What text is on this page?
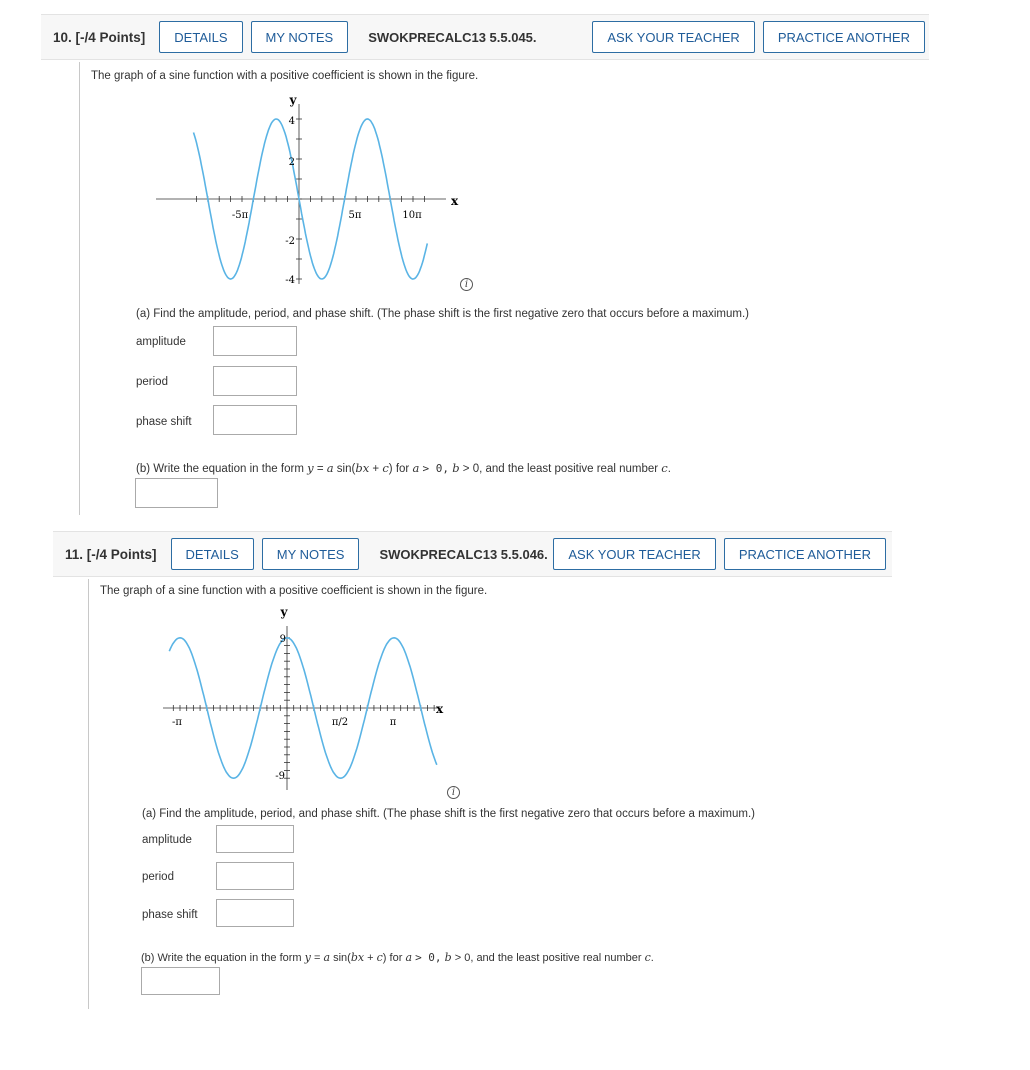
10. [-/4 Points]	DETAILS	MY NOTES	SWOKPRECALC13 5.5.045.	ASK YOUR TEACHER	PRACTICE ANOTHER
The graph of a sine function with a positive coefficient is shown in the figure.
y
x
-5π	5π	10π
4
2
-2
-4	i
(a) Find the amplitude, period, and phase shift. (The phase shift is the first negative zero that occurs before a maximum.)
amplitude
period
phase shift
(b) Write the equation in the form y = a sin(bx + c) for a > 0, b > 0, and the least positive real number c.
11. [-/4 Points]	DETAILS	MY NOTES	SWOKPRECALC13 5.5.046.	ASK YOUR TEACHER	PRACTICE ANOTHER
The graph of a sine function with a positive coefficient is shown in the figure.
y
x
-π	π/2	π
9
-9
i
(a) Find the amplitude, period, and phase shift. (The phase shift is the first negative zero that occurs before a maximum.)
amplitude
period
phase shift
(b) Write the equation in the form y = a sin(bx + c) for a > 0, b > 0, and the least positive real number c.
